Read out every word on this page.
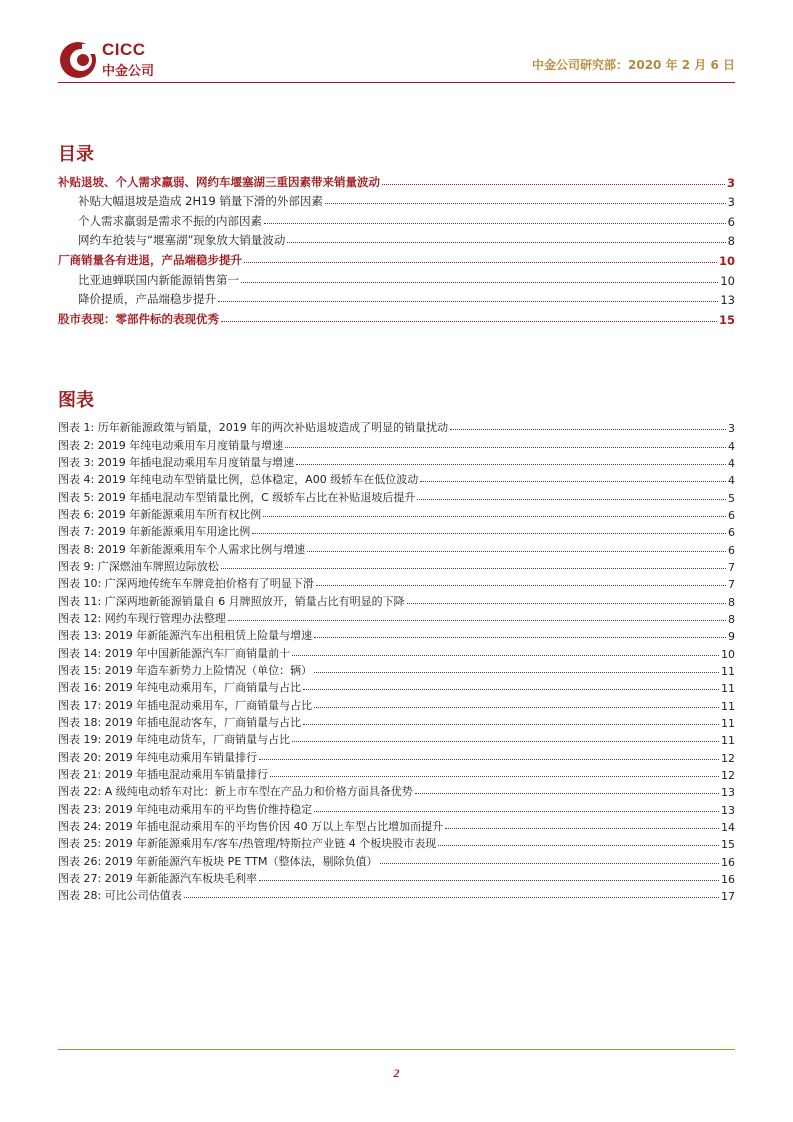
CICC
中金公司	中金公司研究部：2020 年 2 月 6 日
目录
补贴退坡、个人需求羸弱、网约车堰塞湖三重因素带来销量波动	3
补贴大幅退坡是造成 2H19 销量下滑的外部因素	3
个人需求羸弱是需求不振的内部因素	6
网约车抢装与“堰塞湖”现象放大销量波动	8
厂商销量各有进退，产品端稳步提升	10
比亚迪蝉联国内新能源销售第一	10
降价提质，产品端稳步提升	13
股市表现：零部件标的表现优秀	15
图表
图表 1: 历年新能源政策与销量，2019 年的两次补贴退坡造成了明显的销量扰动	3
图表 2: 2019 年纯电动乘用车月度销量与增速	4
图表 3: 2019 年插电混动乘用车月度销量与增速	4
图表 4: 2019 年纯电动车型销量比例，总体稳定，A00 级轿车在低位波动	4
图表 5: 2019 年插电混动车型销量比例，C 级轿车占比在补贴退坡后提升	5
图表 6: 2019 年新能源乘用车所有权比例	6
图表 7: 2019 年新能源乘用车用途比例	6
图表 8: 2019 年新能源乘用车个人需求比例与增速	6
图表 9: 广深燃油车牌照边际放松	7
图表 10: 广深两地传统车车牌竞拍价格有了明显下滑	7
图表 11: 广深两地新能源销量自 6 月牌照放开，销量占比有明显的下降	8
图表 12: 网约车现行管理办法整理	8
图表 13: 2019 年新能源汽车出租租赁上险量与增速	9
图表 14: 2019 年中国新能源汽车厂商销量前十	10
图表 15: 2019 年造车新势力上险情况（单位：辆）	11
图表 16: 2019 年纯电动乘用车，厂商销量与占比	11
图表 17: 2019 年插电混动乘用车，厂商销量与占比	11
图表 18: 2019 年插电混动客车，厂商销量与占比	11
图表 19: 2019 年纯电动货车，厂商销量与占比	11
图表 20: 2019 年纯电动乘用车销量排行	12
图表 21: 2019 年插电混动乘用车销量排行	12
图表 22: A 级纯电动轿车对比：新上市车型在产品力和价格方面具备优势	13
图表 23: 2019 年纯电动乘用车的平均售价维持稳定	13
图表 24: 2019 年插电混动乘用车的平均售价因 40 万以上车型占比增加而提升	14
图表 25: 2019 年新能源乘用车/客车/热管理/特斯拉产业链 4 个板块股市表现	15
图表 26: 2019 年新能源汽车板块 PE TTM（整体法，剔除负值）	16
图表 27: 2019 年新能源汽车板块毛利率	16
图表 28: 可比公司估值表	17
2
